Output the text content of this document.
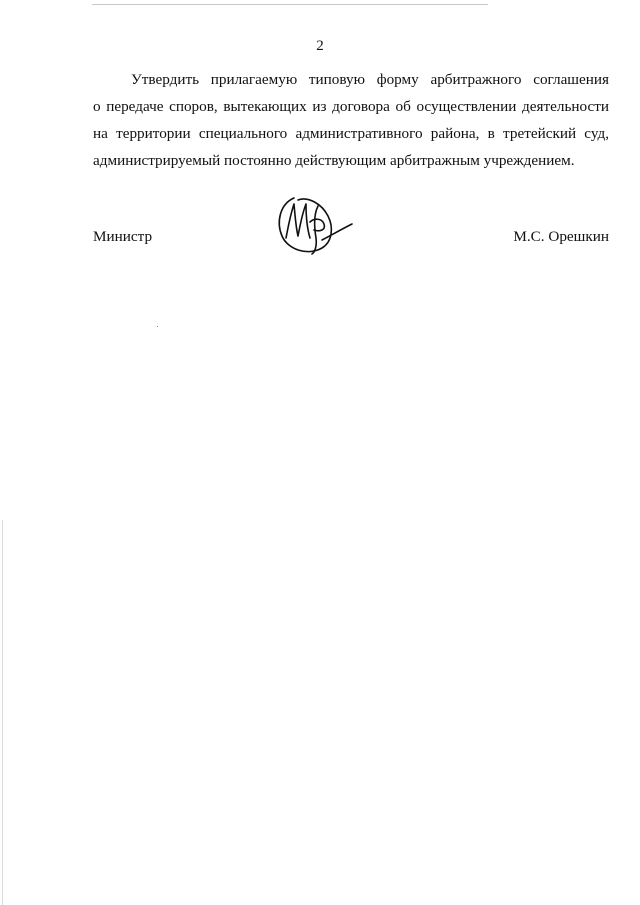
2
Утвердить прилагаемую типовую форму арбитражного соглашения
о передаче споров, вытекающих из договора об осуществлении деятельности
на территории специального административного района, в третейский суд,
администрируемый постоянно действующим арбитражным учреждением.
Министр	М.С. Орешкин
